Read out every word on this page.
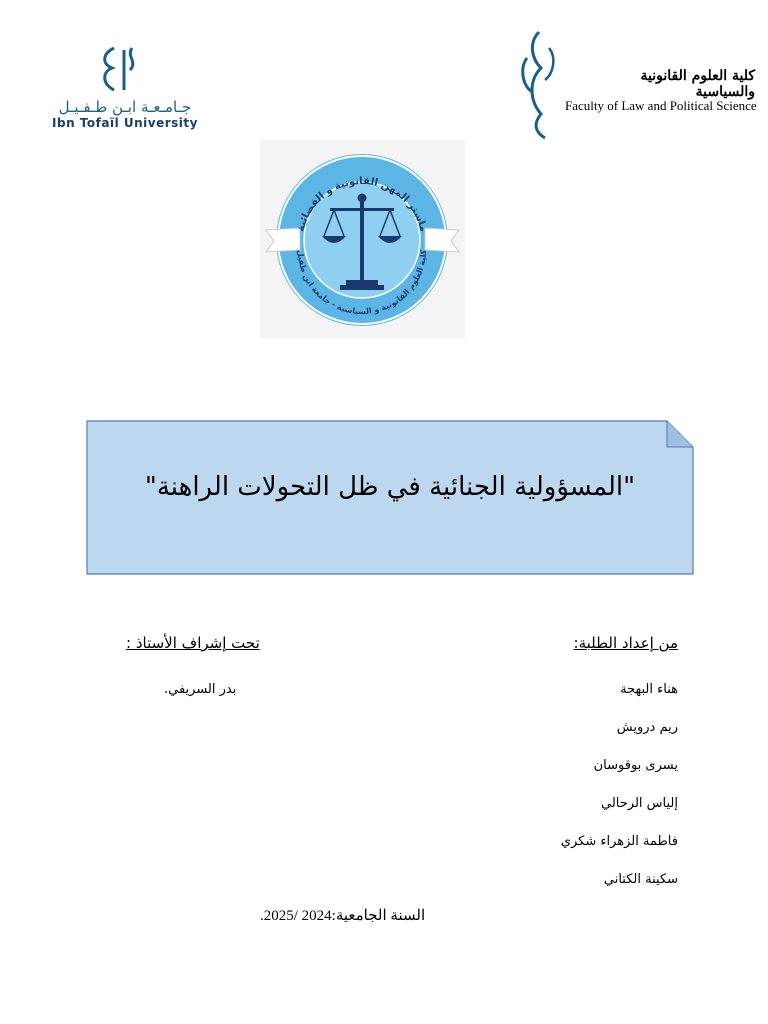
جـامـعـة ابـن طـفـيـل
Ibn Tofaïl University
كلية العلوم القانونية والسياسية
Faculty of Law and Political Science
ماستر المهن القانونية و القضائية
كلية العلوم القانونية و السياسية - جامعة ابن طفيل
"المسؤولية الجنائية في ظل التحولات الراهنة"
من إعداد الطلبة:
تحت إشراف الأستاذ :
بدر السريفي.	هناء البهجة
ريم درويش
يسرى بوقوسان
إلياس الرحالي
فاطمة الزهراء شكري
سكينة الكتاني
السنة الجامعية:2024 /2025.
